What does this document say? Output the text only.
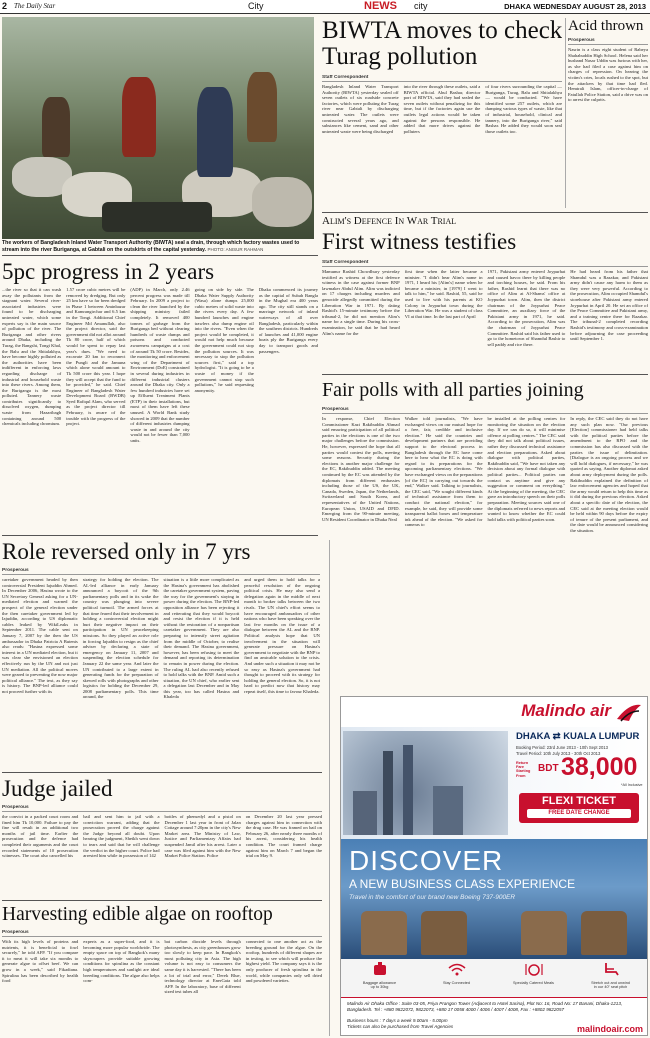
2 The Daily Star	City	NEWS city	DHAKA WEDNESDAY AUGUST 28, 2013
The workers of Bangladesh Inland Water Transport Authority (BIWTA) seal a drain, through which factory wastes used to stream into the river Buriganga, at Gabtali on the outskirts of the capital yesterday. PHOTO: ANISUR RAHMAN
BIWTA moves to check
Turag pollution
Staff Correspondent
Bangladesh Inland Water Transport Authority (BIWTA) yesterday sealed off seven outlets of six roadside concrete factories, which were polluting the Turag river near Gabtali by discharging untreated water. The outlets were constructed several years ago, and substances like cement, sand and other untreated waste were being discharged
into the river through these outlets, said a BIWTA official. Abul Bashar, director port of BIWTA, said they had sealed the seven outlets without penalizing for this time, but if the factories again use the outlets legal actions would be taken against the persons responsible. He added that more drives against the polluters
of four rivers surrounding the capital — Buriganga, Turag, Balu and Shitalakhya — would be conducted. "We have identified some 257 outlets, which are dumping various types of waste, like that of industrial, household, clinical and tannery, into the Buriganga river," said Bashar. He added they would soon seal those outlets too.
Acid thrown
Prosperous
Nasrin is a class eight student of Rabeya Shahabuddin High School. Helena said her husband Nasar Uddin was furious with her, as she had filed a case against him on charges of repression. On hearing the victim's cries, locals rushed to the spot, but the attackers by that time had fled. Hemtrali Islam, officer-in-charge of Fatullah Police Station, said a drive was on to arrest the culprits.
Alim's Defence In War Trial
First witness testifies
Staff Correspondent
Mamunur Rashid Chowdhury yesterday testified as witness at the first defence witness in the case against former BNP lawmaker Abdul Alim. Alim was indicted on 17 charges including murders and genocide allegedly committed during the Liberation War in 1971. By dating Rashid's 15-minute testimony before the tribunal-2, he did not mention Alim's name for a single time. During his cross-examination, he said that he had heard Alim's name for the
first time when the latter became a minister. "I didn't hear Alim's name in 1971, I heard his [Alim's] name when he became a minister, in [1979] I went to talk to him," he said. Rashid, 55, said he used to live with his parents at KO Colony in Joypurhat town during the Liberation War. He was a student of class VI at that time. In the last part of April
1971, Pakistani army entered Joypurhat and caused havoc there by killing people and torching houses, he said. From his father, Rashid learnt that there was no office of Alim at Al-Shams' office at Joypurhat town. Alim, then the district chairman of the Joypurhat Peace Committee, an auxiliary force of the Pakistani army in 1971, he said. According to the prosecution, Alim was the chairman of Joypurhat Peace Committee. Rashid said his father used to go to the hometown of Shamdul Bashir to sell paddy and rice there.
He had heard from his father that Shamdul was a Razakar, and Pakistani army didn't cause any harm to them as they were very powerful. According to the prosecution, Alim occupied Shamdul's storehouse after Pakistani army entered Joypurhat in April 20. He set an office of the Peace Committee and Pakistani army, and a training centre there for Razakar. The tribunal-2 completed recording Rashid's testimony and cross-examination before adjourning the case proceeding until September 1.
5pc progress in 2 years
...the river so that it can wash away the pollutants from the stagnant water. Several river-associated industries were found to be discharging untreated water, which some experts say is the main source of pollution of the river. The Buriganga and other rivers around Dhaka, including the Turag, the Bangshi, Tongi Khal, the Balu and the Shitalakhya, have become highly polluted as the authorities have been indifferent in enforcing laws regarding discharge of industrial and household waste into these rivers. Among them, the Buriganga is the most polluted. Tannery waste contributes significantly to dissolved oxygen, dumping waste from Hazaribagh containing around 500 chemicals including chromium.
1.57 crore cubic metres will be removed by dredging. But only 25 km have so far been dredged in Phase 1 between Aminbazar and Kamrangirchar and 6.5 km in the Tongi. Additional Chief Engineer Md Amanullah, also the project director, said the government did not allot around Tk 80 crore, half of which would be spent to repay last year's dues. "We need to excavate 20 km to reconnect the Pungli and the Jamuna which alone would amount to Tk 500 crore this year. I hope they will accept that the fund to be provided," he said. Chief Engineer of Bangladesh Water Development Board (BWDB) Syed Rafiqul Alam, who served as the project director till February, is aware of the trouble with the progress of the project.
(ADP) in March, only 2.46 percent progress was made till February. In 2009 a project to clean the river launched by the shipping ministry failed completely. It removed 400 tonnes of garbage from the Buriganga bed without clearing hundreds of waste dumps and poisons and conducted awareness campaigns at a cost of around Tk 50 crore. Besides, the monitoring and enforcement wing of the Department of Environment (DoE) constrained in several during industries in different industrial clusters around the Dhaka city. Only a few hundred industries have set up Effluent Treatment Plants (ETP) in their installations, but most of them have left these unused. A World Bank study showed in 2009 that the number of different industries dumping waste in and around the city would not be fewer than 7,000 units.
going on side by side. The Dhaka Water Supply Authority (Wasa) alone dumps 25,000 cubic metres of solid waste into the rivers every day. A few hundred launches and engine trawlers also dump engine oil into the rivers. "Even when the project would be completed, it would not help much because the government could not stop the pollution sources. It was necessary to stop the pollution sources first," said a top hydrologist. "It is going to be a waste of money if the government cannot stop such pollutions," he said requesting anonymity.
Dhaka commenced its journey as the capital of Subah Bangla in the Mughal era 400 years ago. The city still stands on a marriage network of inland waterways of all over Bangladesh, particularly within the southern districts. Hundreds of launches and 41,000 engine boats ply the Buriganga every day to transport goods and passengers.
Fair polls with all parties joining
Prosperous
In response, Chief Election Commissioner Kazi Rakibuddin Ahmad said ensuring participation of all political parties in the elections is one of the two major challenges before the commission. He, however, expressed the hope that all parties would contest the polls, meeting some reasons. Security during the elections is another major challenge for the EC, Rakibuddin added. The meeting continued by the EC was attended by the diplomats from different embassies including those of the US, the UK, Canada, Sweden, Japan, the Netherlands, Switzerland and South Korea, and representatives of the United Nations, European Union, USAID and DFID. Emerging from the 90-minute meeting, UN Resident Coordinator in Dhaka Neal
Walker told journalists, "We have exchanged views on our mutual hope for a free, fair, credible and inclusive election." He said the countries and development partners that are providing support to the electoral process in Bangladesh through the EC have come here to hear what the EC is doing with regard to its preparations for the upcoming parliamentary elections. "We have exchanged views on the preparations [of the EC] in carrying out towards the end," Walker said. Talking to journalists, the CEC said, "We sought different kinds of technical assistance from them to conduct the national election," for example, he said, they will provide some transparent ballot boxes and temperature ink ahead of the election. "We asked for cameras to
be installed at the polling centres for monitoring the situation on the election day. If we can do so, it will minimise offence at polling centres." The CEC said they did not talk about political issues, rather they discussed technical assistance and election preparations. Asked about dialogue with political parties, Rakibuddin said, "We have not taken any decision about any formal dialogue with political parties... Political parties can contact us anytime and give any suggestion or comment on everything." At the beginning of the meeting, the CEC gave an introductory speech on their polls preparation. Meeting sources said one of the diplomats referred to news reports and wanted to know whether the EC could hold talks with political parties soon.
In reply, the CEC said they do not have any such plan now. "Our previous [Election] commissioner had held talks with the political parties before the amendment to the RPO and the commission has also discussed with the parties the issue of delimitation. [Dialogue is an ongoing process and we will hold dialogues, if necessary," he was quoted as saying. Another diplomat asked about army deployment during the polls. Rakibuddin explained the definition of law enforcement agencies and hoped that the army would return to help this time as it did during the previous election. Asked about a specific date of the election, the CEC said at the meeting election would be held within 90 days before the expiry of tenure of the present parliament, and the date would be announced considering the situation.
Role reversed only in 7 yrs
Prosperous
caretaker government headed by then controversial President Iajuddin Ahmed. In December 2006, Hasina wrote to the UN Secretary General asking for a UN-mediated election and warned the prospect of the general election under the then caretaker government led by Iajuddin, according to US diplomatic cables leaked by WikiLeaks in September 2011. The cable sent on January 7, 2007 by the then the US ambassador in Dhaka Patricia A Butenis also reads: "Hasina expressed some interest in a UN mediated election, but it was clear she envisioned an election effectively run by the UN and not just UN mediation. All the political moves were geared to preventing the now major political alliance." The text, as they say is history. The BNP-led alliance could not proceed further with its
strategy for holding the election. The AL-led alliance in early January announced a boycott of the 9th parliamentary polls and in its wake the country was plunging into severe political turmoil. The armed forces at that time feared that their involvement in holding a controversial election might hurt their negative impact on their participation in UN peacekeeping missions. So they played an active role in forcing Iajuddin to resign as the chief adviser by declaring a state of emergency on January 11, 2007 and suspending the election schedule for January 22 the same year. And later the UN contributed to a large extent in generating funds for the preparation of skewed rolls with photographs and other logistics for holding the December 29, 2008 parliamentary polls. This time around, the
situation is a little more complicated as the Hasina's government has abolished the caretaker government system, paving the way for the government's staying in power during the election. The BNP-led opposition alliance has been rejecting it and reiterating that they would boycott and resist the election if it is held without the restoration of a nonpartisan caretaker government. They are also preparing to intensify street agitation from the middle of October, to realise their demand. The Hasina government, however, has been refusing to meet the demand and reporting its determination to remain in power during the election. The ruling AL had also recently refused to hold talks with the BNP. Amid such a situation, the UN chief, who earlier sent a delegation last December and in May this year, too has called Hasina and Khaleda
and urged them to hold talks for a peaceful resolution of the ongoing political crisis. He may also send a delegation again in the middle of next month to broker talks between the two rivals. The UN chief's effort seems to have encouraged ambassadors of other nations who have been speaking over the last few months on the issue of a dialogue between the AL and the BNP. Political analysts hope that UN involvement in the situation will generate pressure on Hasina's government to negotiate with the BNP to find an amicable solution to the crisis. And under such a situation it may not be so easy as Hasina's government had thought to proceed with its strategy for holding the general election. So, it is not hard to predict now that history may repeat itself, this time to favour Khaleda.
Judge jailed
Prosperous
the convict in a packed court room and fined him Tk 10,000. Failure to pay the fine will result in an additional two months of jail time. Earlier the prosecution and the defence had completed their arguments and the court recorded statements of 10 prosecution witnesses. The court also cancelled his
bail and sent him to jail with a conviction warrant, adding that the prosecution proved the charge against the Judge beyond all doubt. Upon hearing the judgment, Sheikh went down to tears and said that he will challenge the verdict in the higher court. Police had arrested him while in possession of 142
bottles of phensedyl and a pistol on December 1 last year in front of Jalan Cottage around 7:20pm in the city's New Market area. The Ministry of Law, Justice and Parliamentary Affairs had suspended Jamil after his arrest. Later a case was filed against him with the New Market Police Station. Police
on December 20 last year pressed charges against him in connection with the drug case. He was framed on bail on February 26, after nearly three months of his arrest, considering his health condition. The court framed charge against him on March 7 and began the trial on May 9.
Harvesting edible algae on rooftop
Prosperous
With its high levels of proteins and nutrients, it is beneficial to fowl securely," he told AFP. "If you compare it to meat it will take six months to generate algae to offset beef. We can grow in a week," said Fikadiana. Spirulina has been described by health food
experts as a super-food, and it is becoming more popular worldwide. The empty space on top of Bangkok's many skyscrapers provide suitable growing conditions for spirulina as the constant high temperatures and sunlight are ideal breeding conditions. The algae also helps com-
bat carbon dioxide levels through photosynthesis, as city greenhouses grow too slowly to keep pace. In Bangkok's most polluting city in Asia. The high volume is not easy to consumers the same day it is harvested. "There has been a lot of trial and error," Derek Blue, technology director at EnerGaia told AFP. In the laboratory, base of different sized test tubes all
connected to one another act as the breeding ground for the algae. On the rooftop, hundreds of different shapes are in testing, to see which will produce the highest yield. The company says it is the only producer of fresh spirulina in the world, while companies only sell dried and powdered varieties.
Malindo air
DHAKA ⇄ KUALA LUMPUR
Booking Period: 23rd June 2013 - 10th Sept 2013
Travel Period: 10th July 2013 - 30th Oct 2013
Return Fare Starting From
BDT 38,000
*All Inclusive
FLEXI TICKET
FREE DATE CHANGE
DISCOVER
A NEW BUSINESS CLASS EXPERIENCE
Travel in the comfort of our brand new Boeing 737-900ER
Baggage allowance
up to 30kg
Stay Connected	Specially Catered Meals	Stretch out and unwind
in our 40" seat pitch
Malindo Air Dhaka Office : Suite 03-05, Priya Prangon Tower (Adjacent to Hotel Sarina), Plot No: 16, Road No: 17 Banani, Dhaka-1213, Bangladesh. Tel : +880 9822072, 9822073, +880 17 0058 4000 / 4006 / 4007 / 4008, Fax : +8802 9822057
Business hours : 7 days a week 9.00am - 5.00pm
Tickets can also be purchased from Travel Agencies	malindoair.com
